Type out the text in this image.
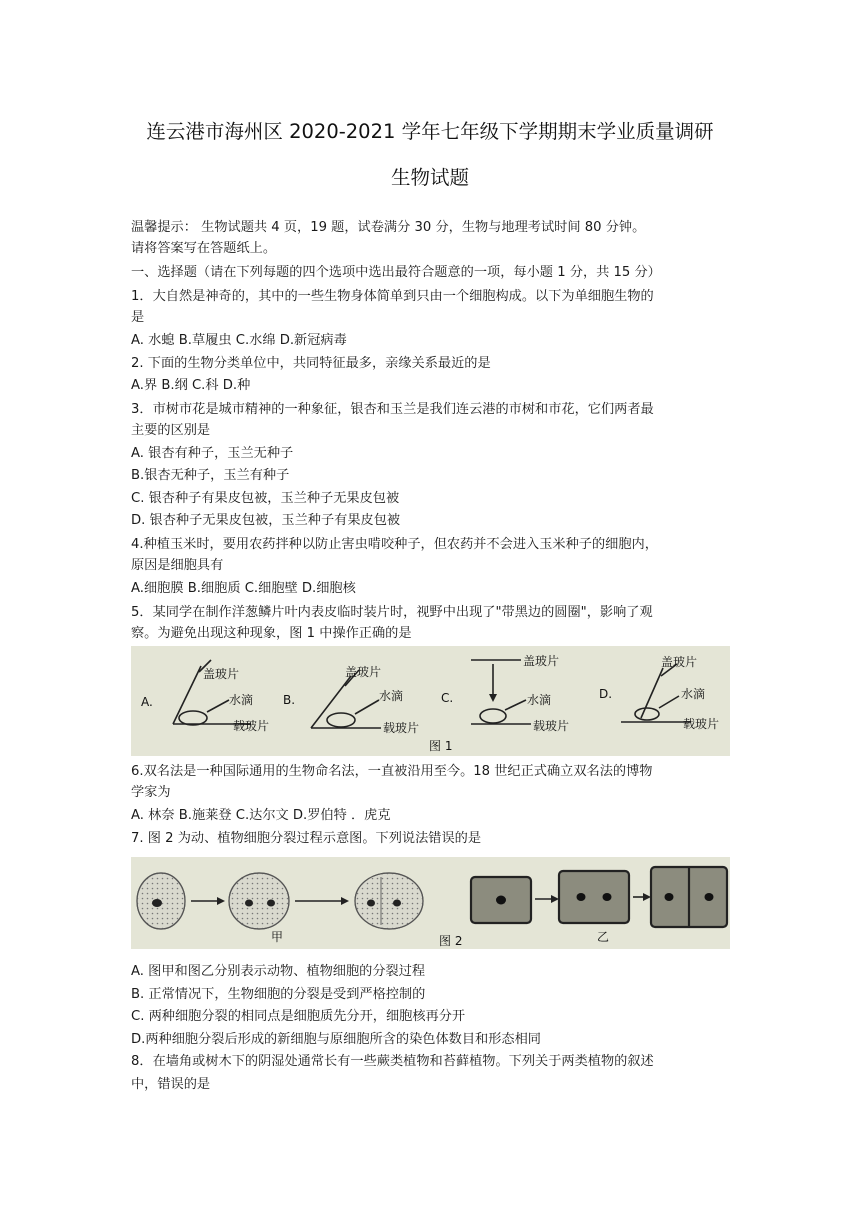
连云港市海州区 2020-2021 学年七年级下学期期末学业质量调研
生物试题
温馨提示： 生物试题共 4 页，19 题，试卷满分 30 分，生物与地理考试时间 80 分钟。
请将答案写在答题纸上。
一、选择题（请在下列每题的四个选项中选出最符合题意的一项，每小题 1 分，共 15 分）
1．大自然是神奇的，其中的一些生物身体简单到只由一个细胞构成。以下为单细胞生物的
是
A. 水螅 B.草履虫 C.水绵 D.新冠病毒
2. 下面的生物分类单位中，共同特征最多，亲缘关系最近的是
A.界 B.纲 C.科 D.种
3．市树市花是城市精神的一种象征，银杏和玉兰是我们连云港的市树和市花，它们两者最
主要的区别是
A. 银杏有种子，玉兰无种子
B.银杏无种子，玉兰有种子
C. 银杏种子有果皮包被，玉兰种子无果皮包被
D. 银杏种子无果皮包被，玉兰种子有果皮包被
4.种植玉米时，要用农药拌种以防止害虫啃咬种子，但农药并不会进入玉米种子的细胞内，
原因是细胞具有
A.细胞膜 B.细胞质 C.细胞壁 D.细胞核
5．某同学在制作洋葱鳞片叶内表皮临时装片时，视野中出现了"带黑边的圆圈"，影响了观
察。为避免出现这种现象，图 1 中操作正确的是
A.	B.	C.	D.
盖玻片
水滴
载玻片
盖玻片
水滴
载玻片
盖玻片
水滴
载玻片
盖玻片
水滴
载玻片
图 1
6.双名法是一种国际通用的生物命名法，一直被沿用至今。18 世纪正式确立双名法的博物
学家为
A. 林奈 B.施莱登 C.达尔文 D.罗伯特 ．虎克
7. 图 2 为动、植物细胞分裂过程示意图。下列说法错误的是
甲	图 2	乙
A. 图甲和图乙分别表示动物、植物细胞的分裂过程
B. 正常情况下，生物细胞的分裂是受到严格控制的
C. 两种细胞分裂的相同点是细胞质先分开，细胞核再分开
D.两种细胞分裂后形成的新细胞与原细胞所含的染色体数目和形态相同
8．在墙角或树木下的阴湿处通常长有一些蕨类植物和苔藓植物。下列关于两类植物的叙述
中，错误的是
